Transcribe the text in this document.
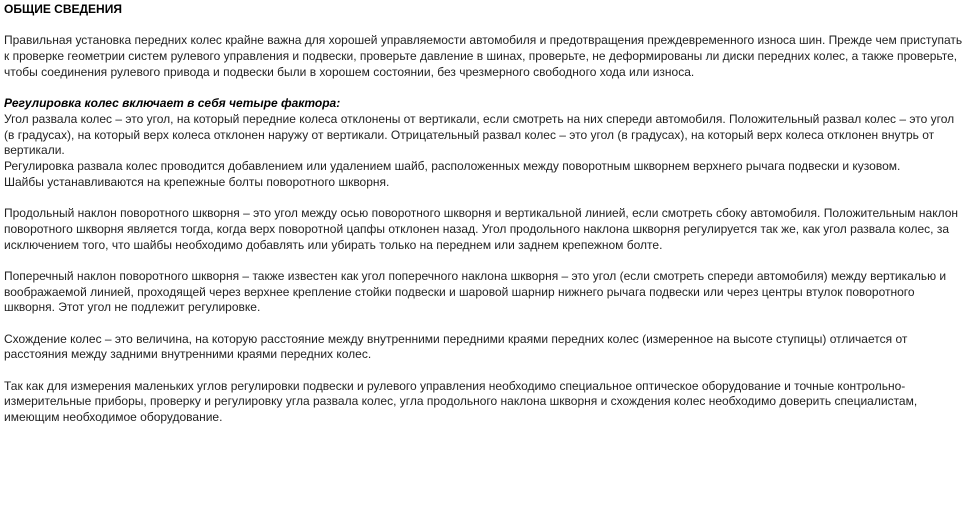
ОБЩИЕ СВЕДЕНИЯ

Правильная установка передних колес крайне важна для хорошей управляемости автомобиля и предотвращения преждевременного износа шин. Прежде чем приступать к проверке геометрии систем рулевого управления и подвески, проверьте давление в шинах, проверьте, не деформированы ли диски передних колес, а также проверьте, чтобы соединения рулевого привода и подвески были в хорошем состоянии, без чрезмерного свободного хода или износа.

Регулировка колес включает в себя четыре фактора:

Угол развала колес – это угол, на который передние колеса отклонены от вертикали, если смотреть на них спереди автомобиля. Положительный развал колес – это угол (в градусах), на который верх колеса отклонен наружу от вертикали. Отрицательный развал колес – это угол (в градусах), на который верх колеса отклонен внутрь от вертикали.

Регулировка развала колес проводится добавлением или удалением шайб, расположенных между поворотным шкворнем верхнего рычага подвески и кузовом.

Шайбы устанавливаются на крепежные болты поворотного шкворня.

Продольный наклон поворотного шкворня – это угол между осью поворотного шкворня и вертикальной линией, если смотреть сбоку автомобиля. Положительным наклон поворотного шкворня является тогда, когда верх поворотной цапфы отклонен назад. Угол продольного наклона шкворня регулируется так же, как угол развала колес, за исключением того, что шайбы необходимо добавлять или убирать только на переднем или заднем крепежном болте.

Поперечный наклон поворотного шкворня – также известен как угол поперечного наклона шкворня – это угол (если смотреть спереди автомобиля) между вертикалью и воображаемой линией, проходящей через верхнее крепление стойки подвески и шаровой шарнир нижнего рычага подвески или через центры втулок поворотного шкворня. Этот угол не подлежит регулировке.

Схождение колес – это величина, на которую расстояние между внутренними передними краями передних колес (измеренное на высоте ступицы) отличается от расстояния между задними внутренними краями передних колес.

Так как для измерения маленьких углов регулировки подвески и рулевого управления необходимо специальное оптическое оборудование и точные контрольно-измерительные приборы, проверку и регулировку угла развала колес, угла продольного наклона шкворня и схождения колес необходимо доверить специалистам, имеющим необходимое оборудование.
